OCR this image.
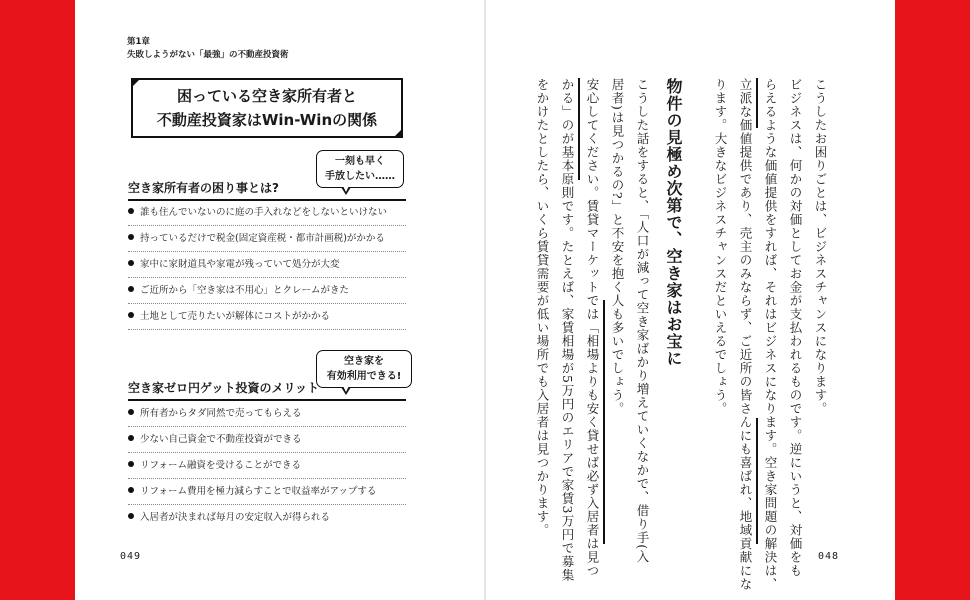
第1章
失敗しようがない「最強」の不動産投資術
困っている空き家所有者と
不動産投資家はWin-Winの関係
一刻も早く
手放したい……
空き家所有者の困り事とは?
誰も住んでいないのに庭の手入れなどをしないといけない
持っているだけで税金(固定資産税・都市計画税)がかかる
家中に家財道具や家電が残っていて処分が大変
ご近所から「空き家は不用心」とクレームがきた
土地として売りたいが解体にコストがかかる
空き家を
有効利用できる!
空き家ゼロ円ゲット投資のメリット
所有者からタダ同然で売ってもらえる
少ない自己資金で不動産投資ができる
リフォーム融資を受けることができる
リフォーム費用を極力減らすことで収益率がアップする
入居者が決まれば毎月の安定収入が得られる
049
こうしたお困りごとは、ビジネスチャンスになります。
ビジネスは、何かの対価としてお金が支払われるものです。逆にいうと、対価をも
らえるような価値提供をすれば、それはビジネスになります。空き家問題の解決は、
立派な価値提供であり、売主のみならず、ご近所の皆さんにも喜ばれ、地域貢献にな
ります。大きなビジネスチャンスだといえるでしょう。
物件の見極め次第で、空き家はお宝に
こうした話をすると、「人口が減って空き家ばかり増えていくなかで、借り手(入
居者)は見つかるの?」と不安を抱く人も多いでしょう。
安心してください。賃貸マーケットでは「相場よりも安く貸せば必ず入居者は見つ
かる」のが基本原則です。たとえば、家賃相場が5万円のエリアで家賃3万円で募集
をかけたとしたら、いくら賃貸需要が低い場所でも入居者は見つかります。
048
